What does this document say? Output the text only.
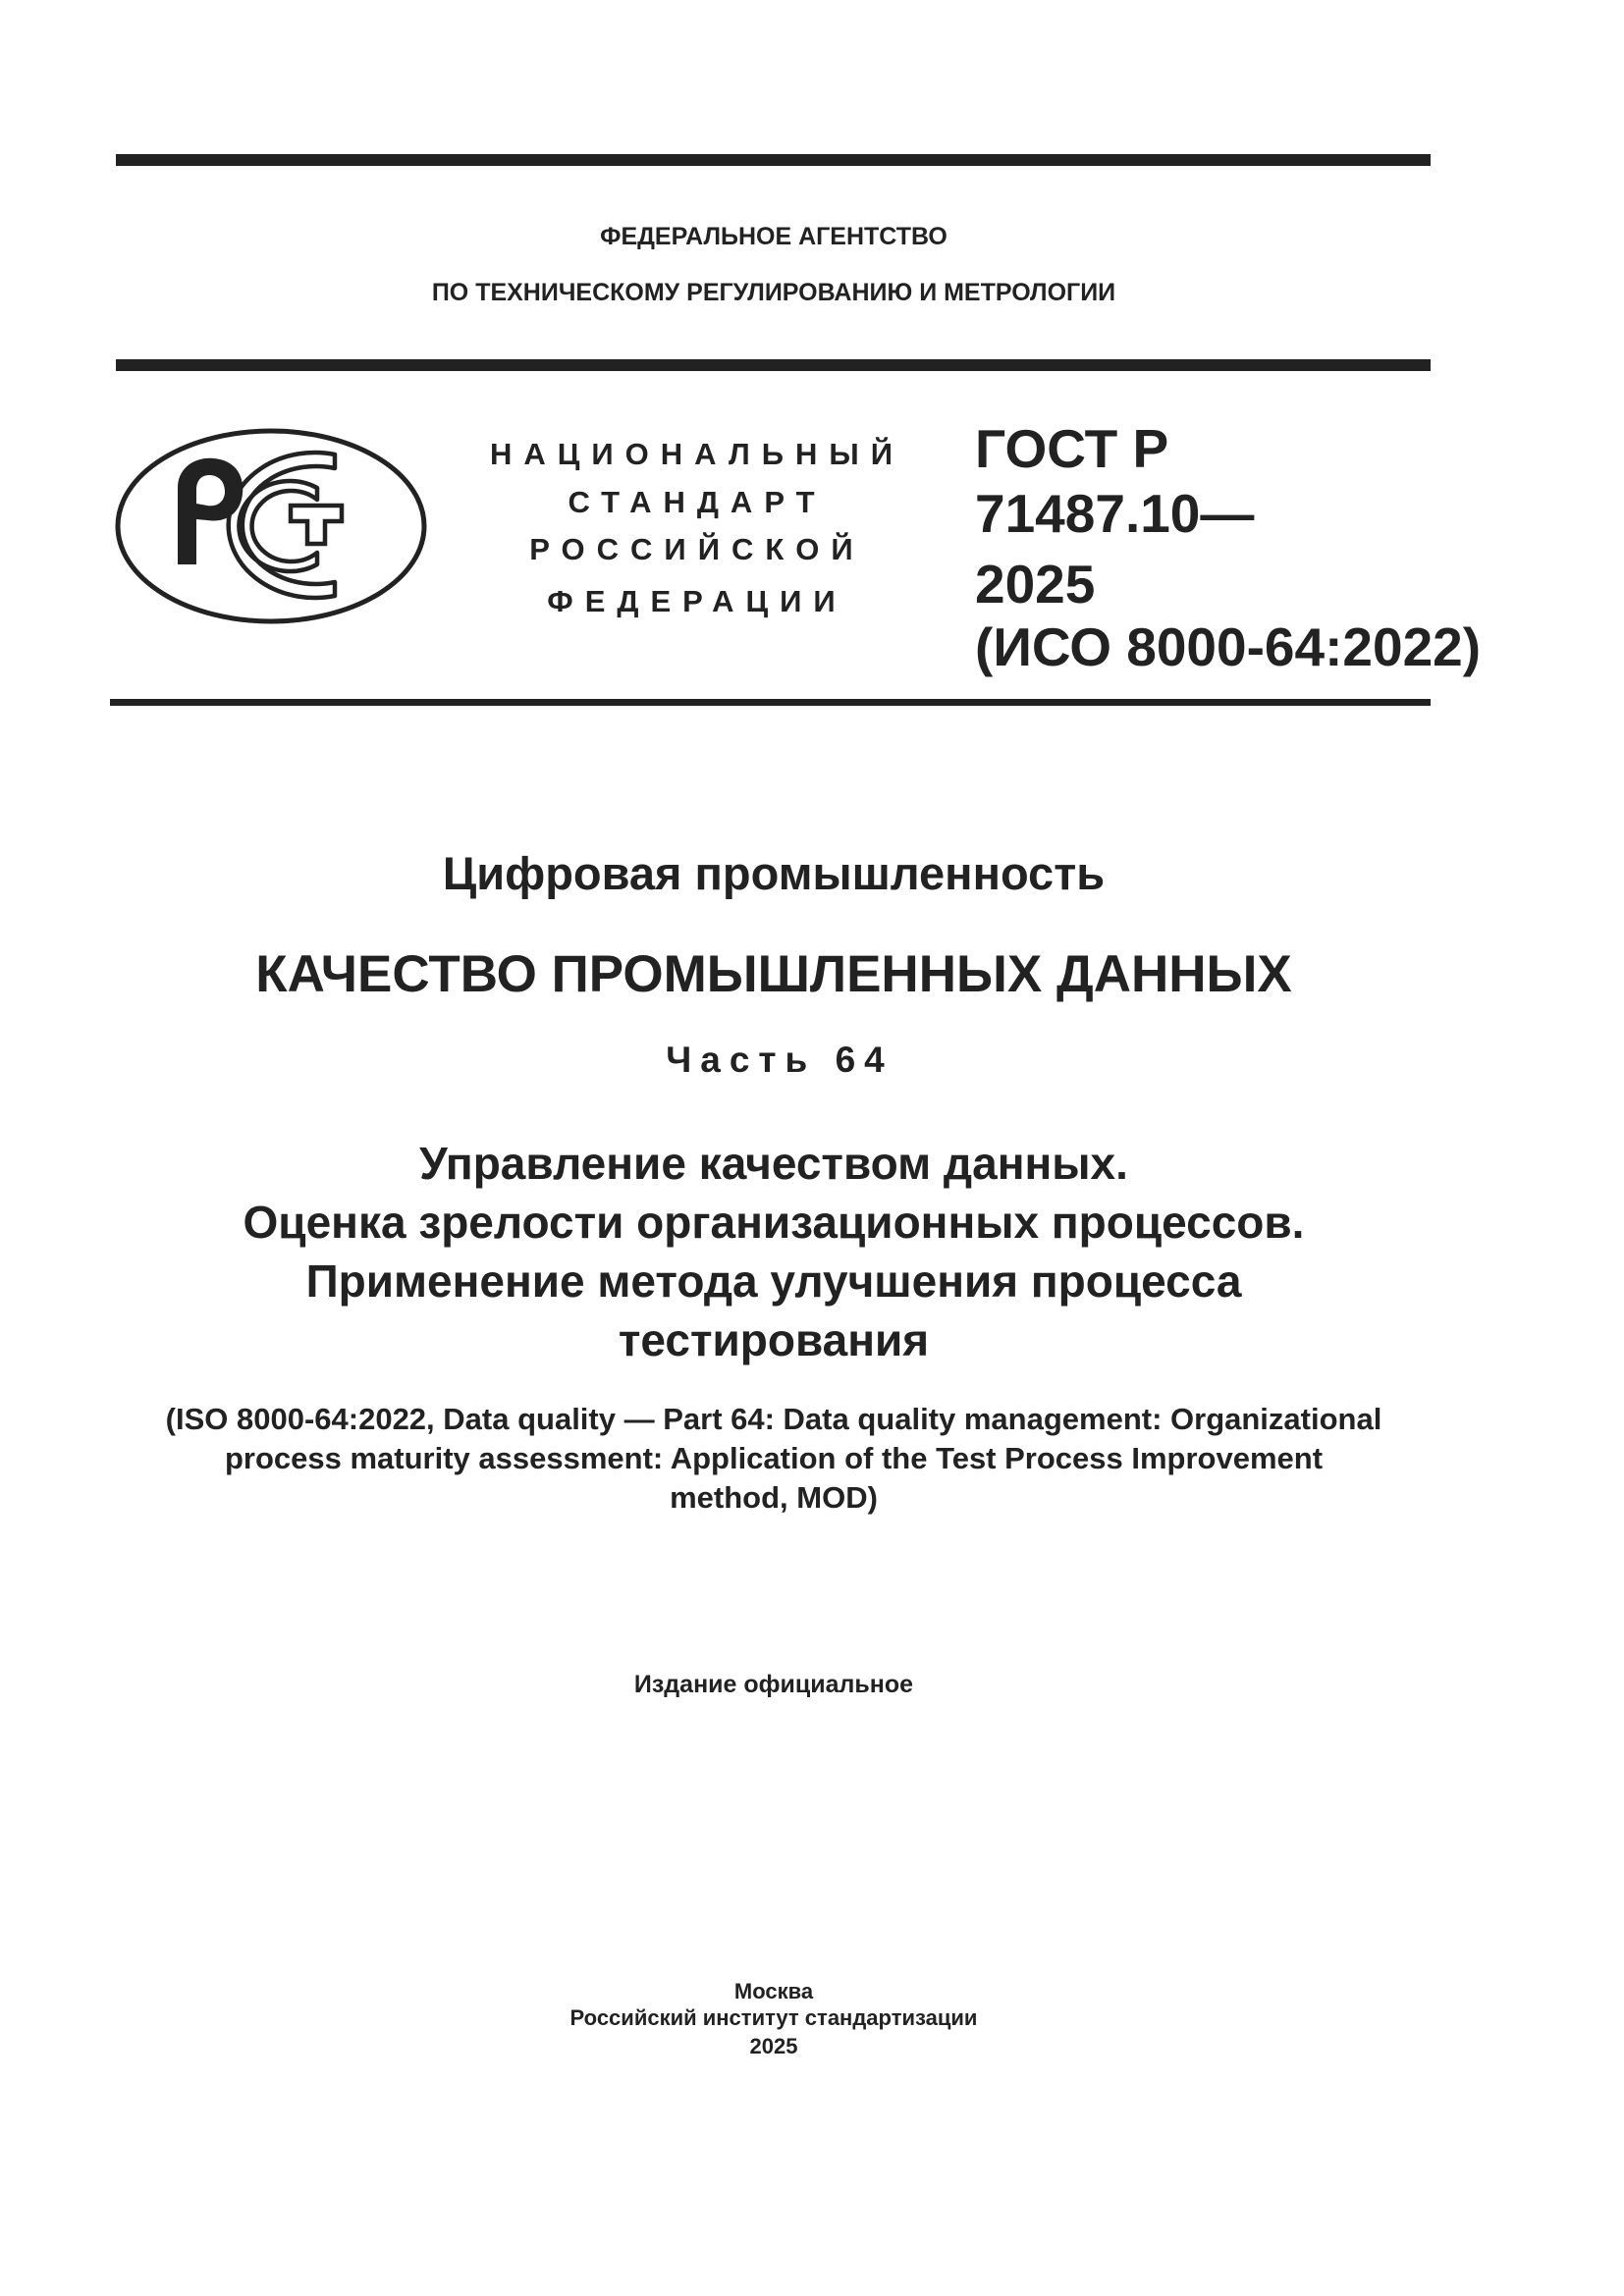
ФЕДЕРАЛЬНОЕ АГЕНТСТВО
ПО ТЕХНИЧЕСКОМУ РЕГУЛИРОВАНИЮ И МЕТРОЛОГИИ
НАЦИОНАЛЬНЫЙ
СТАНДАРТ
РОССИЙСКОЙ
ФЕДЕРАЦИИ
ГОСТ Р
71487.10—
2025
(ИСО 8000-64:2022)
Цифровая промышленность
КАЧЕСТВО ПРОМЫШЛЕННЫХ ДАННЫХ
Часть 64
Управление качеством данных.
Оценка зрелости организационных процессов.
Применение метода улучшения процесса
тестирования
(ISO 8000-64:2022, Data quality — Part 64: Data quality management: Organizational
process maturity assessment: Application of the Test Process Improvement
method, MOD)
Издание официальное
Москва
Российский институт стандартизации
2025
